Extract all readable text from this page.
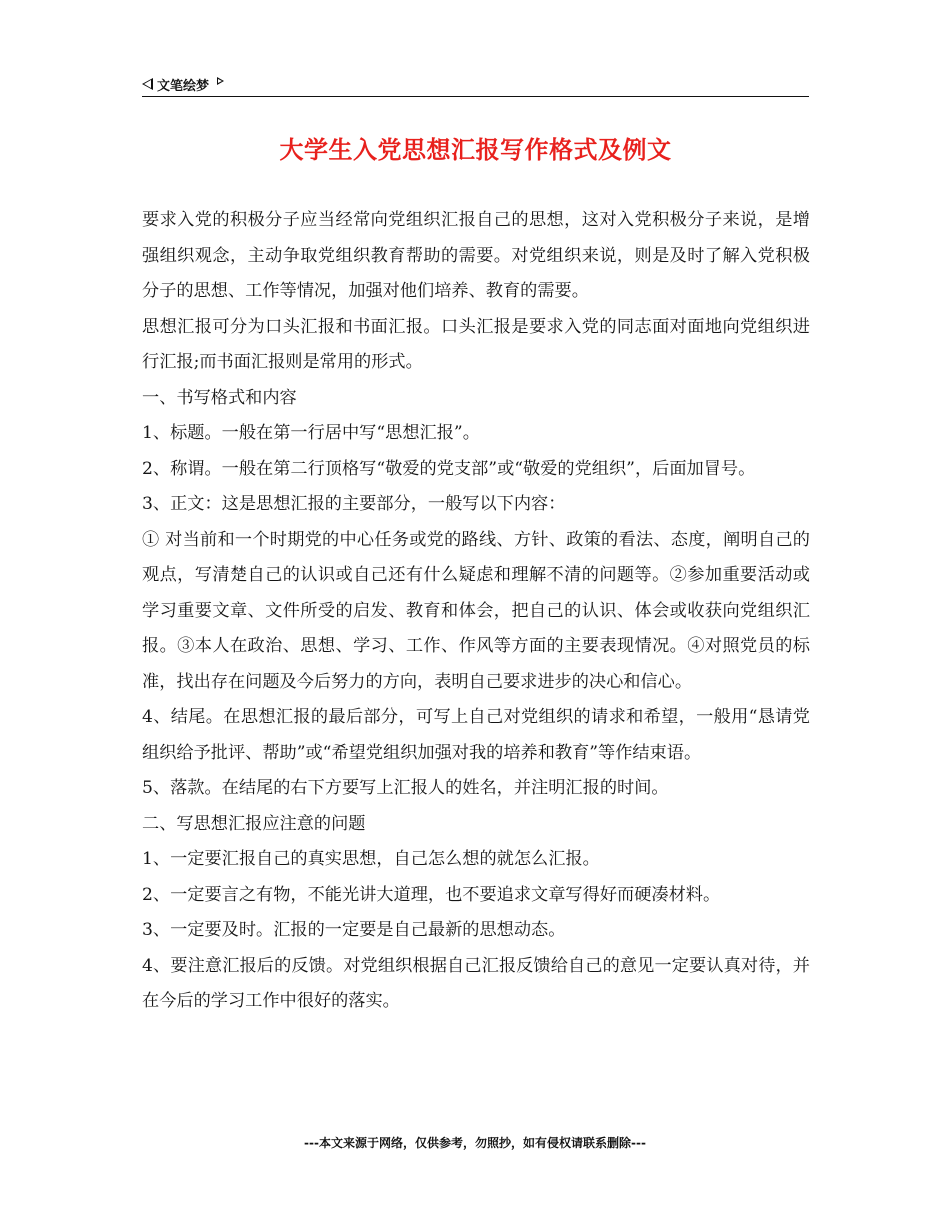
文笔绘梦
大学生入党思想汇报写作格式及例文

要求入党的积极分子应当经常向党组织汇报自己的思想，这对入党积极分子来说，是增强组织观念，主动争取党组织教育帮助的需要。对党组织来说，则是及时了解入党积极分子的思想、工作等情况，加强对他们培养、教育的需要。

思想汇报可分为口头汇报和书面汇报。口头汇报是要求入党的同志面对面地向党组织进行汇报;而书面汇报则是常用的形式。

一、书写格式和内容

1、标题。一般在第一行居中写“思想汇报”。

2、称谓。一般在第二行顶格写“敬爱的党支部”或“敬爱的党组织”，后面加冒号。

3、正文：这是思想汇报的主要部分，一般写以下内容：

① 对当前和一个时期党的中心任务或党的路线、方针、政策的看法、态度，阐明自己的观点，写清楚自己的认识或自己还有什么疑虑和理解不清的问题等。②参加重要活动或学习重要文章、文件所受的启发、教育和体会，把自己的认识、体会或收获向党组织汇报。③本人在政治、思想、学习、工作、作风等方面的主要表现情况。④对照党员的标准，找出存在问题及今后努力的方向，表明自己要求进步的决心和信心。

4、结尾。在思想汇报的最后部分，可写上自己对党组织的请求和希望，一般用“恳请党组织给予批评、帮助”或“希望党组织加强对我的培养和教育”等作结束语。

5、落款。在结尾的右下方要写上汇报人的姓名，并注明汇报的时间。

二、写思想汇报应注意的问题

1、一定要汇报自己的真实思想，自己怎么想的就怎么汇报。

2、一定要言之有物，不能光讲大道理，也不要追求文章写得好而硬凑材料。

3、一定要及时。汇报的一定要是自己最新的思想动态。

4、要注意汇报后的反馈。对党组织根据自己汇报反馈给自己的意见一定要认真对待，并在今后的学习工作中很好的落实。

---本文来源于网络，仅供参考，勿照抄，如有侵权请联系删除---
